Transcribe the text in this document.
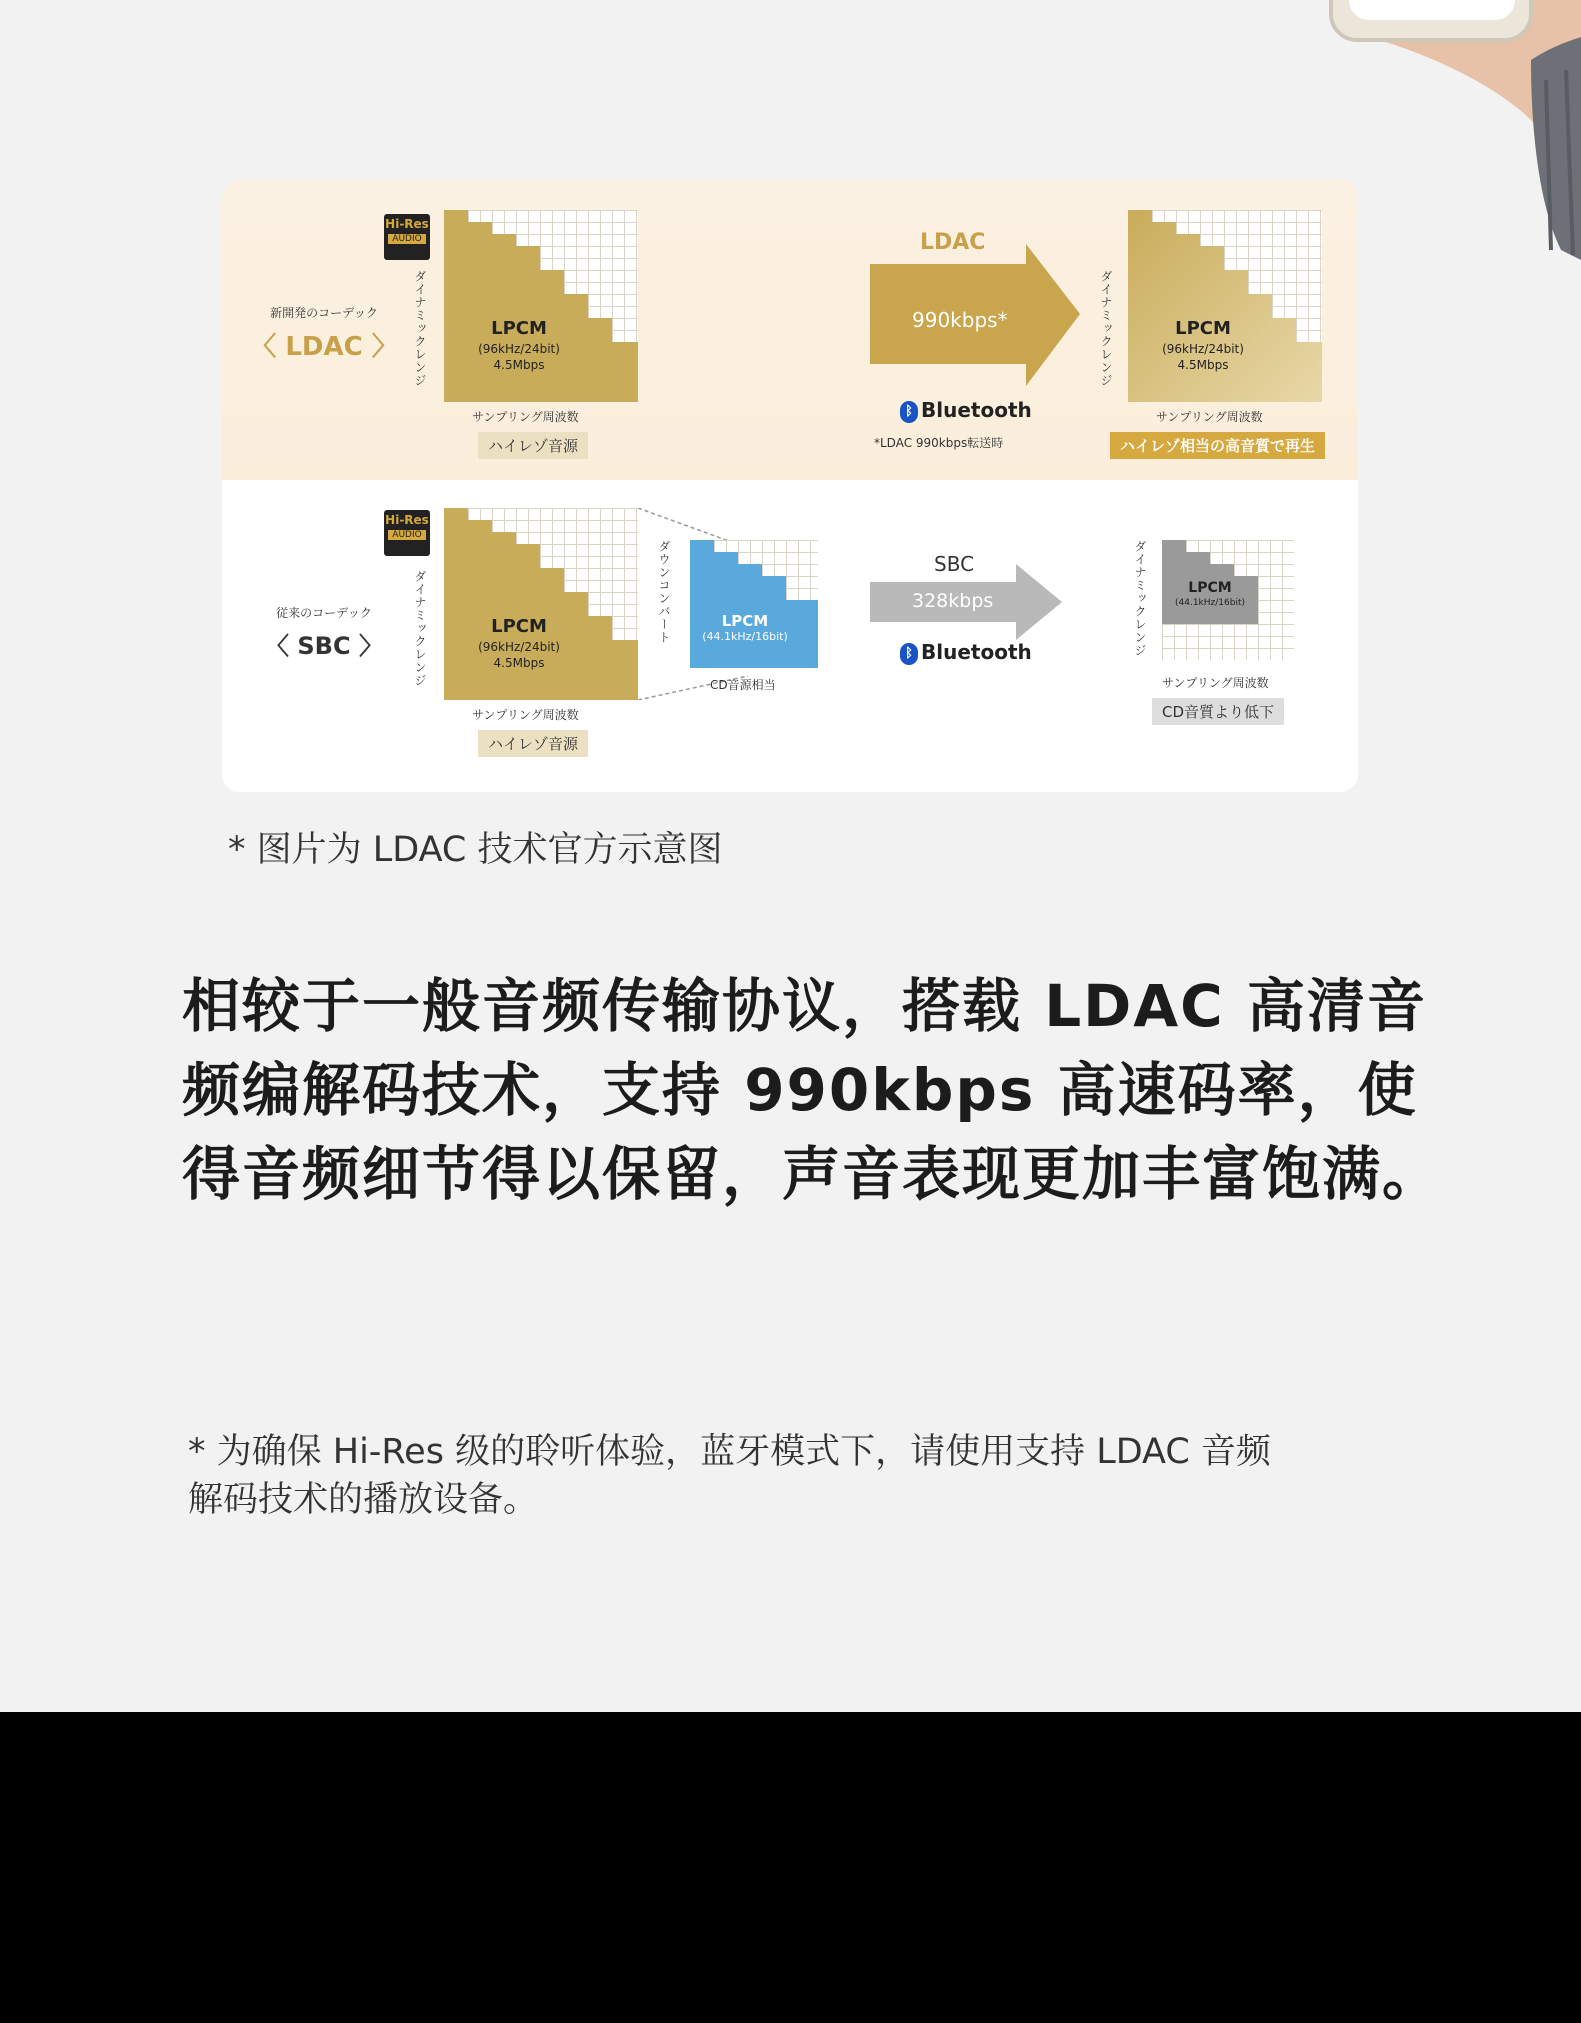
Hi-Res
AUDIO
新開発のコーデック
〈 LDAC 〉 ダイナミックレンジ	LPCM
(96kHz/24bit)
4.5Mbps
サンプリング周波数
ハイレゾ音源
LDAC
990kbps*
ᛒ Bluetooth
*LDAC 990kbps転送時
ダイナミックレンジ	LPCM
(96kHz/24bit)
4.5Mbps
サンプリング周波数
ハイレゾ相当の高音質で再生
Hi-Res
AUDIO
従来のコーデック
〈 SBC 〉	ダイナミックレンジ	LPCM
(96kHz/24bit)
4.5Mbps
サンプリング周波数
ハイレゾ音源
ダウンコンバート	LPCM
(44.1kHz/16bit)
CD音源相当
SBC
328kbps
ᛒ Bluetooth	ダイナミックレンジ	LPCM
(44.1kHz/16bit)
サンプリング周波数
CD音質より低下
* 图片为 LDAC 技术官方示意图
相较于一般音频传输协议，搭载 LDAC 高清音
频编解码技术，支持 990kbps 高速码率，使
得音频细节得以保留，声音表现更加丰富饱满。
* 为确保 Hi-Res 级的聆听体验，蓝牙模式下，请使用支持 LDAC 音频
解码技术的播放设备。
